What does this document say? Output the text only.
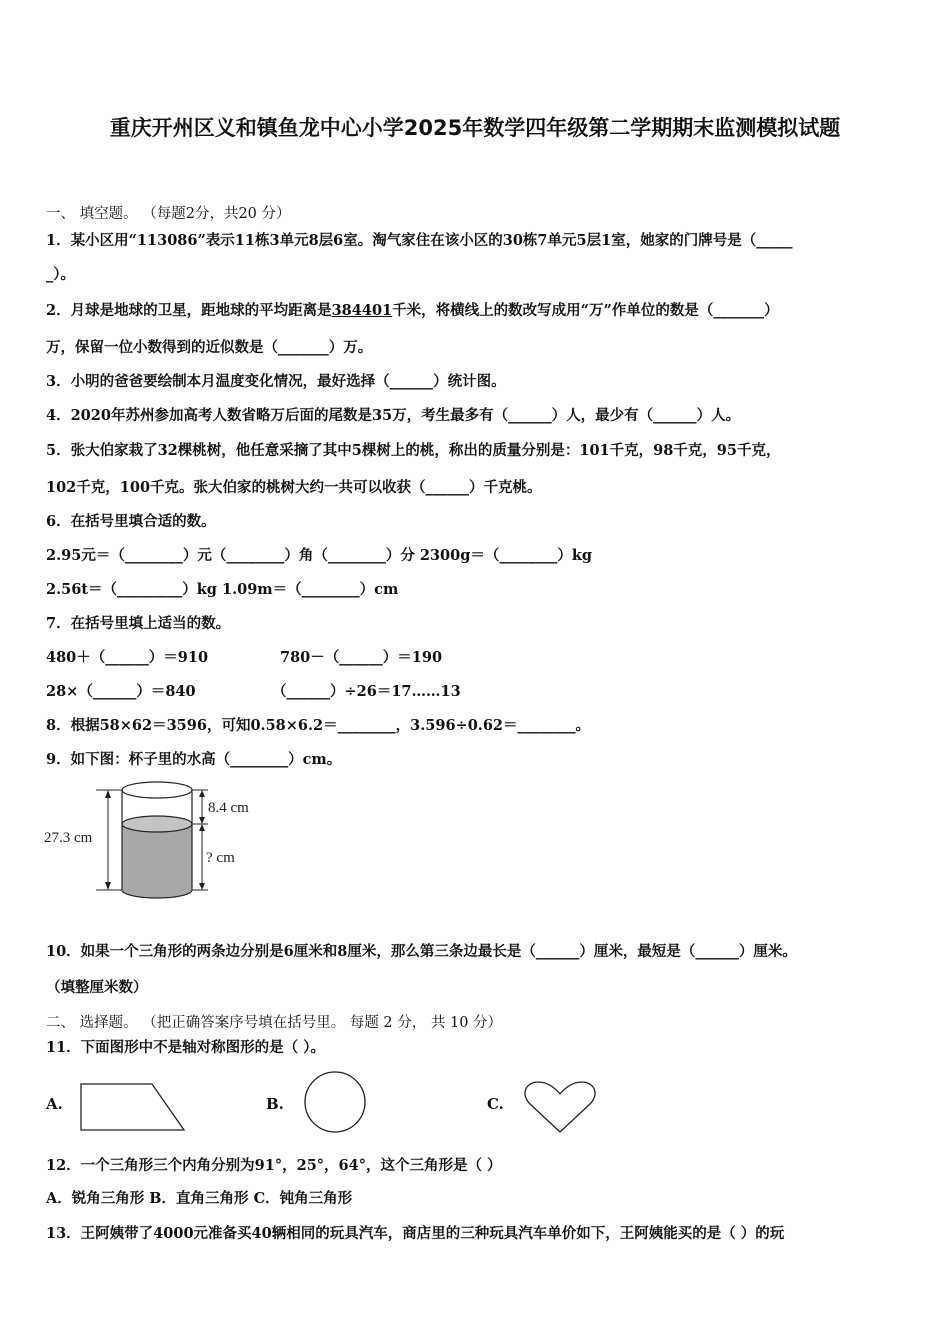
重庆开州区义和镇鱼龙中心小学2025年数学四年级第二学期期末监测模拟试题
一、 填空题。 （每题2分，共20 分）
1．某小区用“113086”表示11栋3单元8层6室。淘气家住在该小区的30栋7单元5层1室，她家的门牌号是（_____
_）。
2．月球是地球的卫星，距地球的平均距离是384401千米，将横线上的数改写成用“万”作单位的数是（_______）
万，保留一位小数得到的近似数是（_______）万。
3．小明的爸爸要绘制本月温度变化情况，最好选择（______）统计图。
4．2020年苏州参加高考人数省略万后面的尾数是35万，考生最多有（______）人，最少有（______）人。
5．张大伯家栽了32棵桃树，他任意采摘了其中5棵树上的桃，称出的质量分别是：101千克，98千克，95千克，
102千克，100千克。张大伯家的桃树大约一共可以收获（______）千克桃。
6．在括号里填合适的数。
2.95元＝（________）元（________）角（________）分 2300g＝（________）kg
2.56t＝（_________）kg 1.09m＝（________）cm
7．在括号里填上适当的数。
480＋（______）＝910	780－（______）＝190
28×（______）＝840	（______）÷26＝17……13
8．根据58×62＝3596，可知0.58×6.2＝________，3.596÷0.62＝________。
9．如下图：杯子里的水高（________）cm。
27.3 cm
8.4 cm
? cm
10．如果一个三角形的两条边分别是6厘米和8厘米，那么第三条边最长是（______）厘米，最短是（______）厘米。
（填整厘米数）
二、 选择题。 （把正确答案序号填在括号里。 每题 2 分， 共 10 分）
11．下面图形中不是轴对称图形的是（ ）。
A.	B.	C.
12．一个三角形三个内角分别为91°，25°，64°，这个三角形是（ ）
A．锐角三角形 B．直角三角形 C．钝角三角形
13．王阿姨带了4000元准备买40辆相同的玩具汽车，商店里的三种玩具汽车单价如下，王阿姨能买的是（ ）的玩
